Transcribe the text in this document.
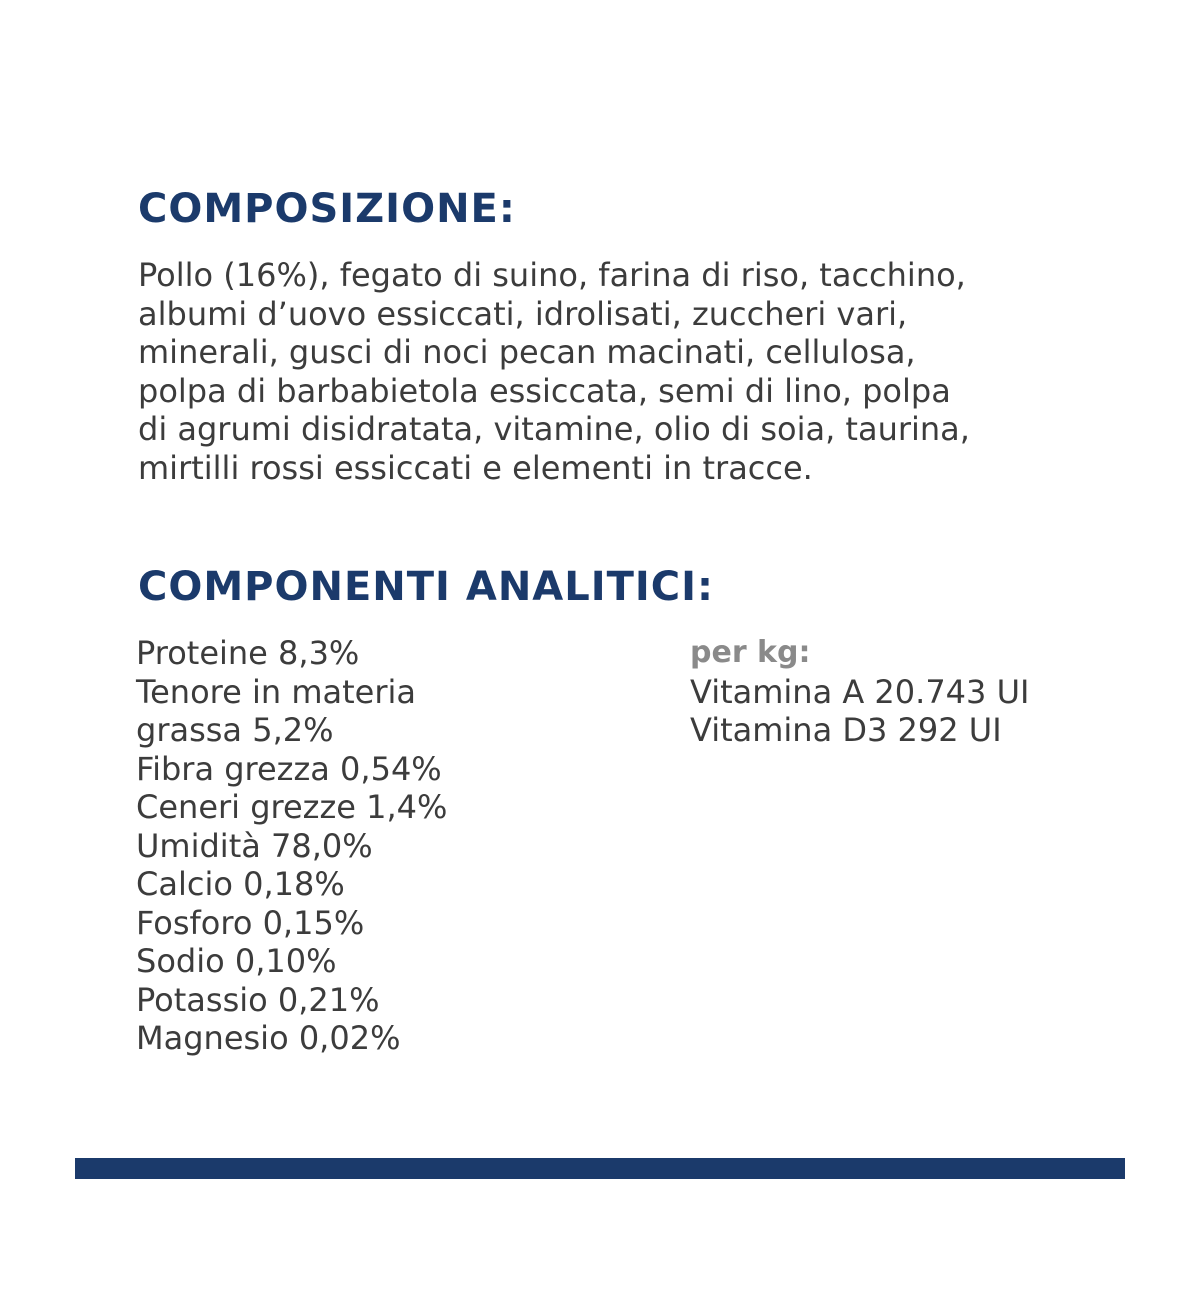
COMPOSIZIONE:

Pollo (16%), fegato di suino, farina di riso, tacchino,
albumi d’uovo essiccati, idrolisati, zuccheri vari,
minerali, gusci di noci pecan macinati, cellulosa,
polpa di barbabietola essiccata, semi di lino, polpa
di agrumi disidratata, vitamine, olio di soia, taurina,
mirtilli rossi essiccati e elementi in tracce.

COMPONENTI ANALITICI:
Proteine 8,3%
Tenore in materia
grassa 5,2%
Fibra grezza 0,54%
Ceneri grezze 1,4%
Umidità 78,0%
Calcio 0,18%
Fosforo 0,15%
Sodio 0,10%
Potassio 0,21%
Magnesio 0,02%
per kg:
Vitamina A 20.743 UI
Vitamina D3 292 UI
